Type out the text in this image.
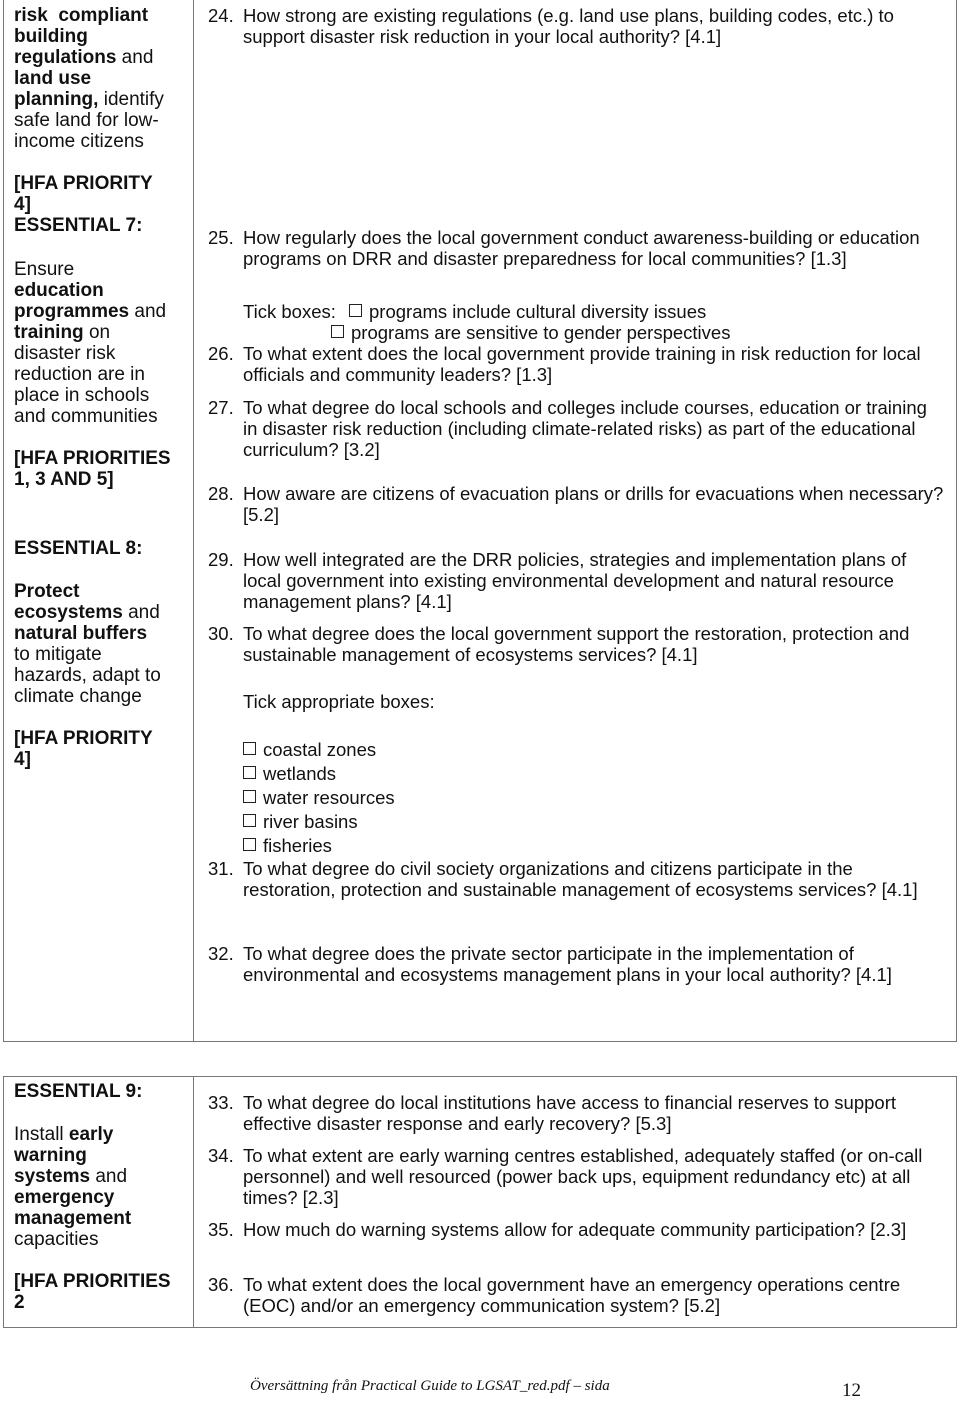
risk  compliant
building
regulations and
land use
planning, identify
safe land for low-
income citizens
[HFA PRIORITY 4]
ESSENTIAL 7:
Ensure
education
programmes and
training on
disaster risk
reduction are in
place in schools
and communities
[HFA PRIORITIES 1, 3 AND 5]
ESSENTIAL 8:
Protect
ecosystems and
natural buffers
to mitigate
hazards, adapt to
climate change
[HFA PRIORITY 4]
24. How strong are existing regulations (e.g. land use plans, building codes, etc.) to support disaster risk reduction in your local authority? [4.1]
25. How regularly does the local government conduct awareness-building or education programs on DRR and disaster preparedness for local communities? [1.3]
Tick boxes: programs include cultural diversity issues
programs are sensitive to gender perspectives
26. To what extent does the local government provide training in risk reduction for local officials and community leaders? [1.3]
27. To what degree do local schools and colleges include courses, education or training in disaster risk reduction (including climate-related risks) as part of the educational curriculum? [3.2]
28. How aware are citizens of evacuation plans or drills for evacuations when necessary? [5.2]
29. How well integrated are the DRR policies, strategies and implementation plans of local government into existing environmental development and natural resource management plans? [4.1]
30. To what degree does the local government support the restoration, protection and sustainable management of ecosystems services? [4.1]
Tick appropriate boxes:
coastal zones
wetlands
water resources
river basins
fisheries
31. To what degree do civil society organizations and citizens participate in the restoration, protection and sustainable management of ecosystems services? [4.1]
32. To what degree does the private sector participate in the implementation of environmental and ecosystems management plans in your local authority? [4.1]
ESSENTIAL 9:
Install early
warning
systems and
emergency
management
capacities
[HFA PRIORITIES 2
33. To what degree do local institutions have access to financial reserves to support effective disaster response and early recovery? [5.3]
34. To what extent are early warning centres established, adequately staffed (or on-call personnel) and well resourced (power back ups, equipment redundancy etc) at all times? [2.3]
35. How much do warning systems allow for adequate community participation? [2.3]
36. To what extent does the local government have an emergency operations centre (EOC) and/or an emergency communication system? [5.2]
Översättning från Practical Guide to LGSAT_red.pdf – sida	12
